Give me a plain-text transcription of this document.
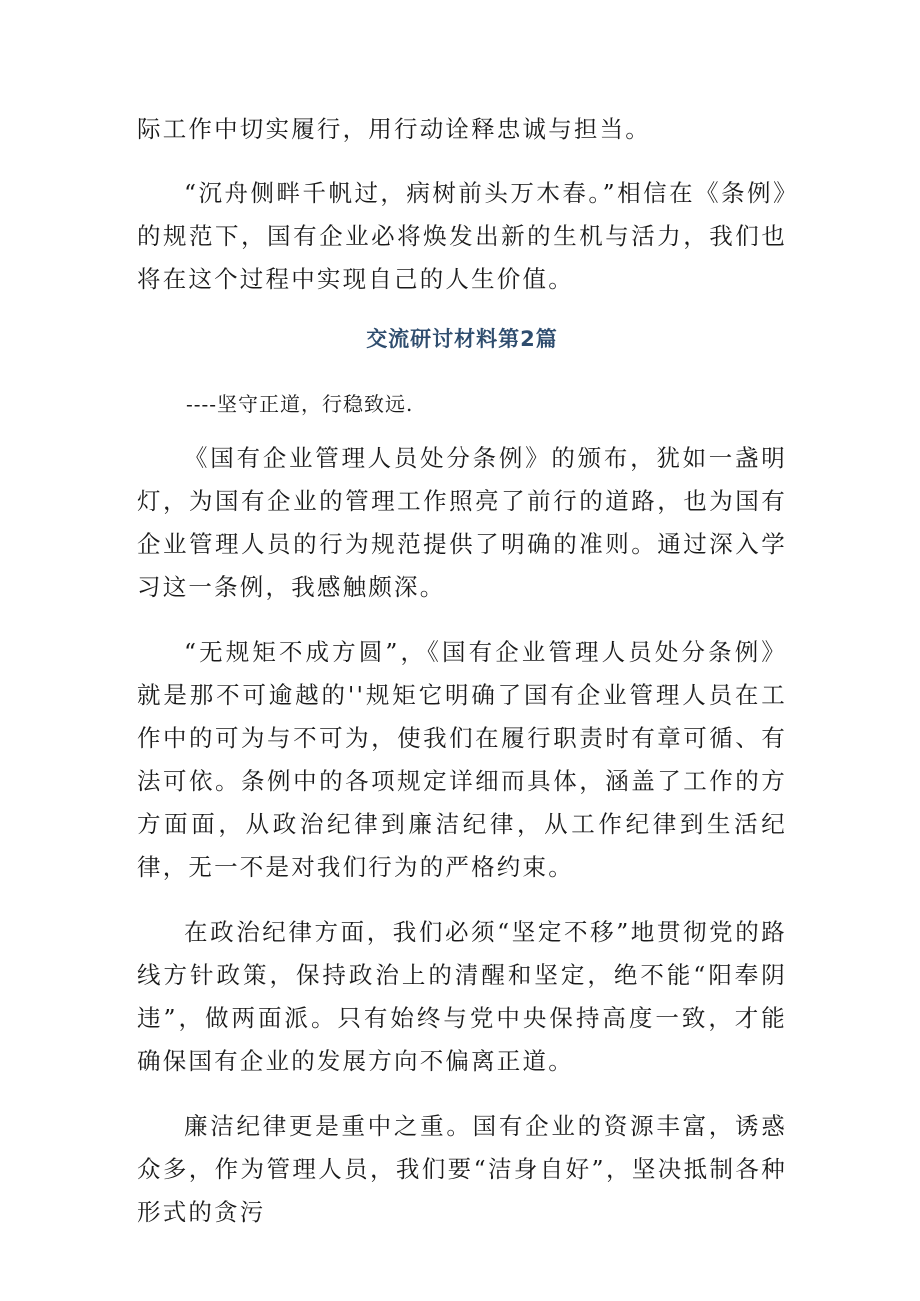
际工作中切实履行，用行动诠释忠诚与担当。

“沉舟侧畔千帆过，病树前头万木春。”相信在《条例》的规范下，国有企业必将焕发出新的生机与活力，我们也将在这个过程中实现自己的人生价值。

交流研讨材料第2篇

----坚守正道，行稳致远.

《国有企业管理人员处分条例》的颁布，犹如一盏明灯，为国有企业的管理工作照亮了前行的道路，也为国有企业管理人员的行为规范提供了明确的准则。通过深入学习这一条例，我感触颇深。

“无规矩不成方圆”，《国有企业管理人员处分条例》就是那不可逾越的''规矩它明确了国有企业管理人员在工作中的可为与不可为，使我们在履行职责时有章可循、有法可依。条例中的各项规定详细而具体，涵盖了工作的方方面面，从政治纪律到廉洁纪律，从工作纪律到生活纪律，无一不是对我们行为的严格约束。

在政治纪律方面，我们必须“坚定不移”地贯彻党的路线方针政策，保持政治上的清醒和坚定，绝不能“阳奉阴违”，做两面派。只有始终与党中央保持高度一致，才能确保国有企业的发展方向不偏离正道。

廉洁纪律更是重中之重。国有企业的资源丰富，诱惑众多，作为管理人员，我们要“洁身自好”，坚决抵制各种形式的贪污
